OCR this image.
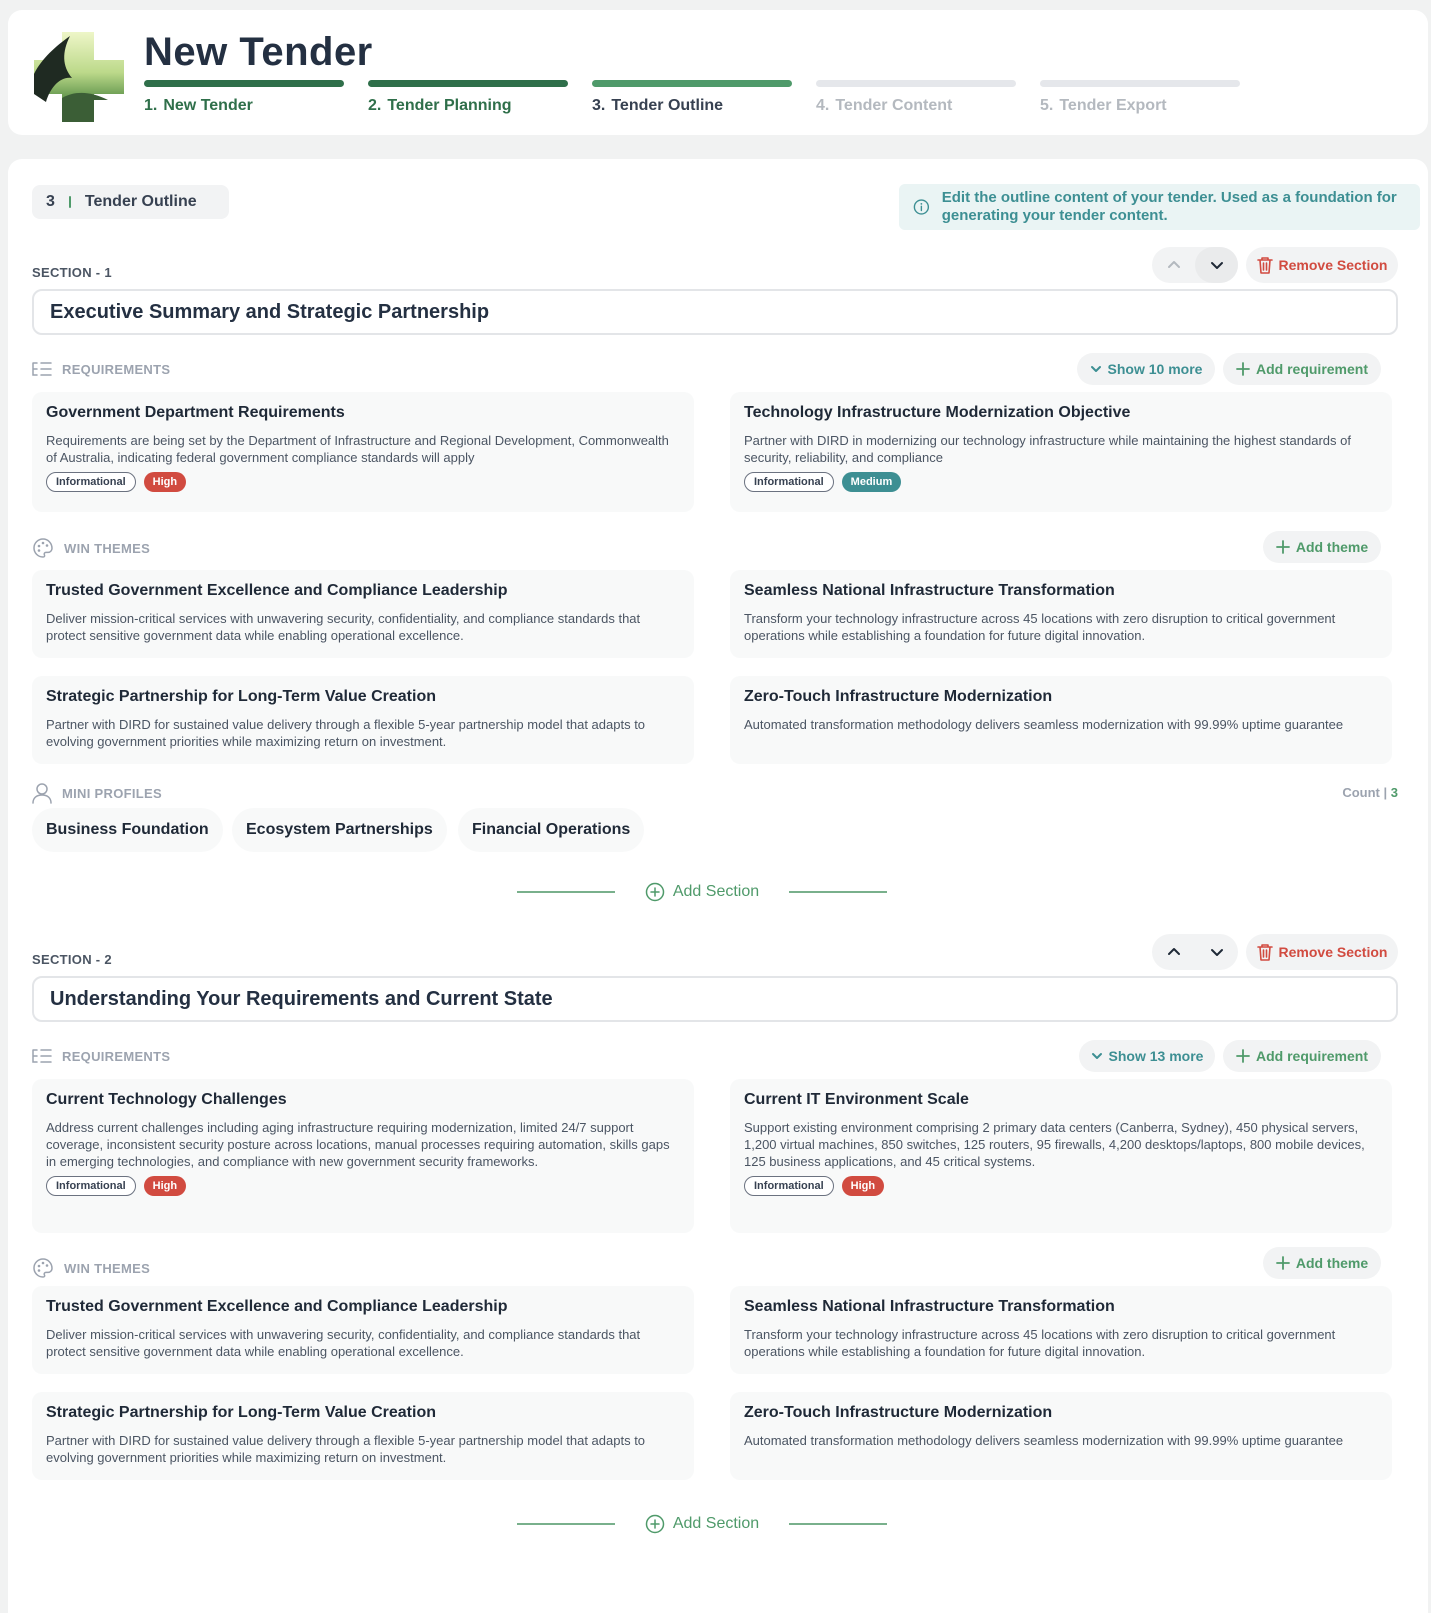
New Tender
1. New Tender	2. Tender Planning	3. Tender Outline	4. Tender Content	5. Tender Export
3 Tender Outline	Edit the outline content of your tender. Used as a foundation for generating your tender content.
SECTION - 1	Remove Section
Executive Summary and Strategic Partnership
REQUIREMENTS	Show 10 more	Add requirement
Government Department Requirements
Requirements are being set by the Department of Infrastructure and Regional Development, Commonwealth of Australia, indicating federal government compliance standards will apply
Informational	High
Technology Infrastructure Modernization Objective
Partner with DIRD in modernizing our technology infrastructure while maintaining the highest standards of security, reliability, and compliance
Informational	Medium
WIN THEMES	Add theme
Trusted Government Excellence and Compliance Leadership
Deliver mission-critical services with unwavering security, confidentiality, and compliance standards that protect sensitive government data while enabling operational excellence.
Seamless National Infrastructure Transformation
Transform your technology infrastructure across 45 locations with zero disruption to critical government operations while establishing a foundation for future digital innovation.
Strategic Partnership for Long-Term Value Creation
Partner with DIRD for sustained value delivery through a flexible 5-year partnership model that adapts to evolving government priorities while maximizing return on investment.
Zero-Touch Infrastructure Modernization
Automated transformation methodology delivers seamless modernization with 99.99% uptime guarantee
MINI PROFILES	Count | 3
Business Foundation	Ecosystem Partnerships	Financial Operations
Add Section
SECTION - 2	Remove Section
Understanding Your Requirements and Current State
REQUIREMENTS	Show 13 more	Add requirement
Current Technology Challenges
Address current challenges including aging infrastructure requiring modernization, limited 24/7 support coverage, inconsistent security posture across locations, manual processes requiring automation, skills gaps in emerging technologies, and compliance with new government security frameworks.
Informational	High
Current IT Environment Scale
Support existing environment comprising 2 primary data centers (Canberra, Sydney), 450 physical servers, 1,200 virtual machines, 850 switches, 125 routers, 95 firewalls, 4,200 desktops/laptops, 800 mobile devices, 125 business applications, and 45 critical systems.
Informational	High
WIN THEMES	Add theme
Trusted Government Excellence and Compliance Leadership
Deliver mission-critical services with unwavering security, confidentiality, and compliance standards that protect sensitive government data while enabling operational excellence.
Seamless National Infrastructure Transformation
Transform your technology infrastructure across 45 locations with zero disruption to critical government operations while establishing a foundation for future digital innovation.
Strategic Partnership for Long-Term Value Creation
Partner with DIRD for sustained value delivery through a flexible 5-year partnership model that adapts to evolving government priorities while maximizing return on investment.
Zero-Touch Infrastructure Modernization
Automated transformation methodology delivers seamless modernization with 99.99% uptime guarantee
Add Section
